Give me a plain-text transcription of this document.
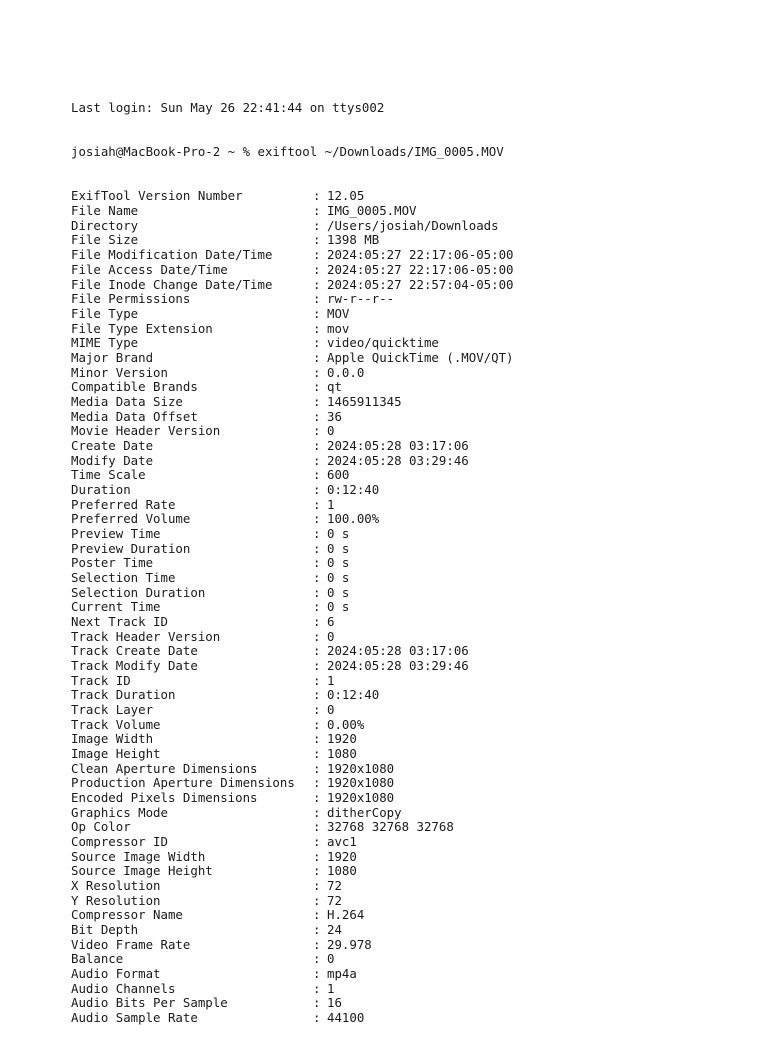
Last login: Sun May 26 22:41:44 on ttys002

josiah@MacBook-Pro-2 ~ % exiftool ~/Downloads/IMG_0005.MOV

ExifTool Version Number	: 12.05
File Name	: IMG_0005.MOV
Directory	: /Users/josiah/Downloads
File Size	: 1398 MB
File Modification Date/Time	: 2024:05:27 22:17:06-05:00
File Access Date/Time	: 2024:05:27 22:17:06-05:00
File Inode Change Date/Time	: 2024:05:27 22:57:04-05:00
File Permissions	: rw-r--r--
File Type	: MOV
File Type Extension	: mov
MIME Type	: video/quicktime
Major Brand	: Apple QuickTime (.MOV/QT)
Minor Version	: 0.0.0
Compatible Brands	: qt
Media Data Size	: 1465911345
Media Data Offset	: 36
Movie Header Version	: 0
Create Date	: 2024:05:28 03:17:06
Modify Date	: 2024:05:28 03:29:46
Time Scale	: 600
Duration	: 0:12:40
Preferred Rate	: 1
Preferred Volume	: 100.00%
Preview Time	: 0 s
Preview Duration	: 0 s
Poster Time	: 0 s
Selection Time	: 0 s
Selection Duration	: 0 s
Current Time	: 0 s
Next Track ID	: 6
Track Header Version	: 0
Track Create Date	: 2024:05:28 03:17:06
Track Modify Date	: 2024:05:28 03:29:46
Track ID	: 1
Track Duration	: 0:12:40
Track Layer	: 0
Track Volume	: 0.00%
Image Width	: 1920
Image Height	: 1080
Clean Aperture Dimensions	: 1920x1080
Production Aperture Dimensions	: 1920x1080
Encoded Pixels Dimensions	: 1920x1080
Graphics Mode	: ditherCopy
Op Color	: 32768 32768 32768
Compressor ID	: avc1
Source Image Width	: 1920
Source Image Height	: 1080
X Resolution	: 72
Y Resolution	: 72
Compressor Name	: H.264
Bit Depth	: 24
Video Frame Rate	: 29.978
Balance	: 0
Audio Format	: mp4a
Audio Channels	: 1
Audio Bits Per Sample	: 16
Audio Sample Rate	: 44100
